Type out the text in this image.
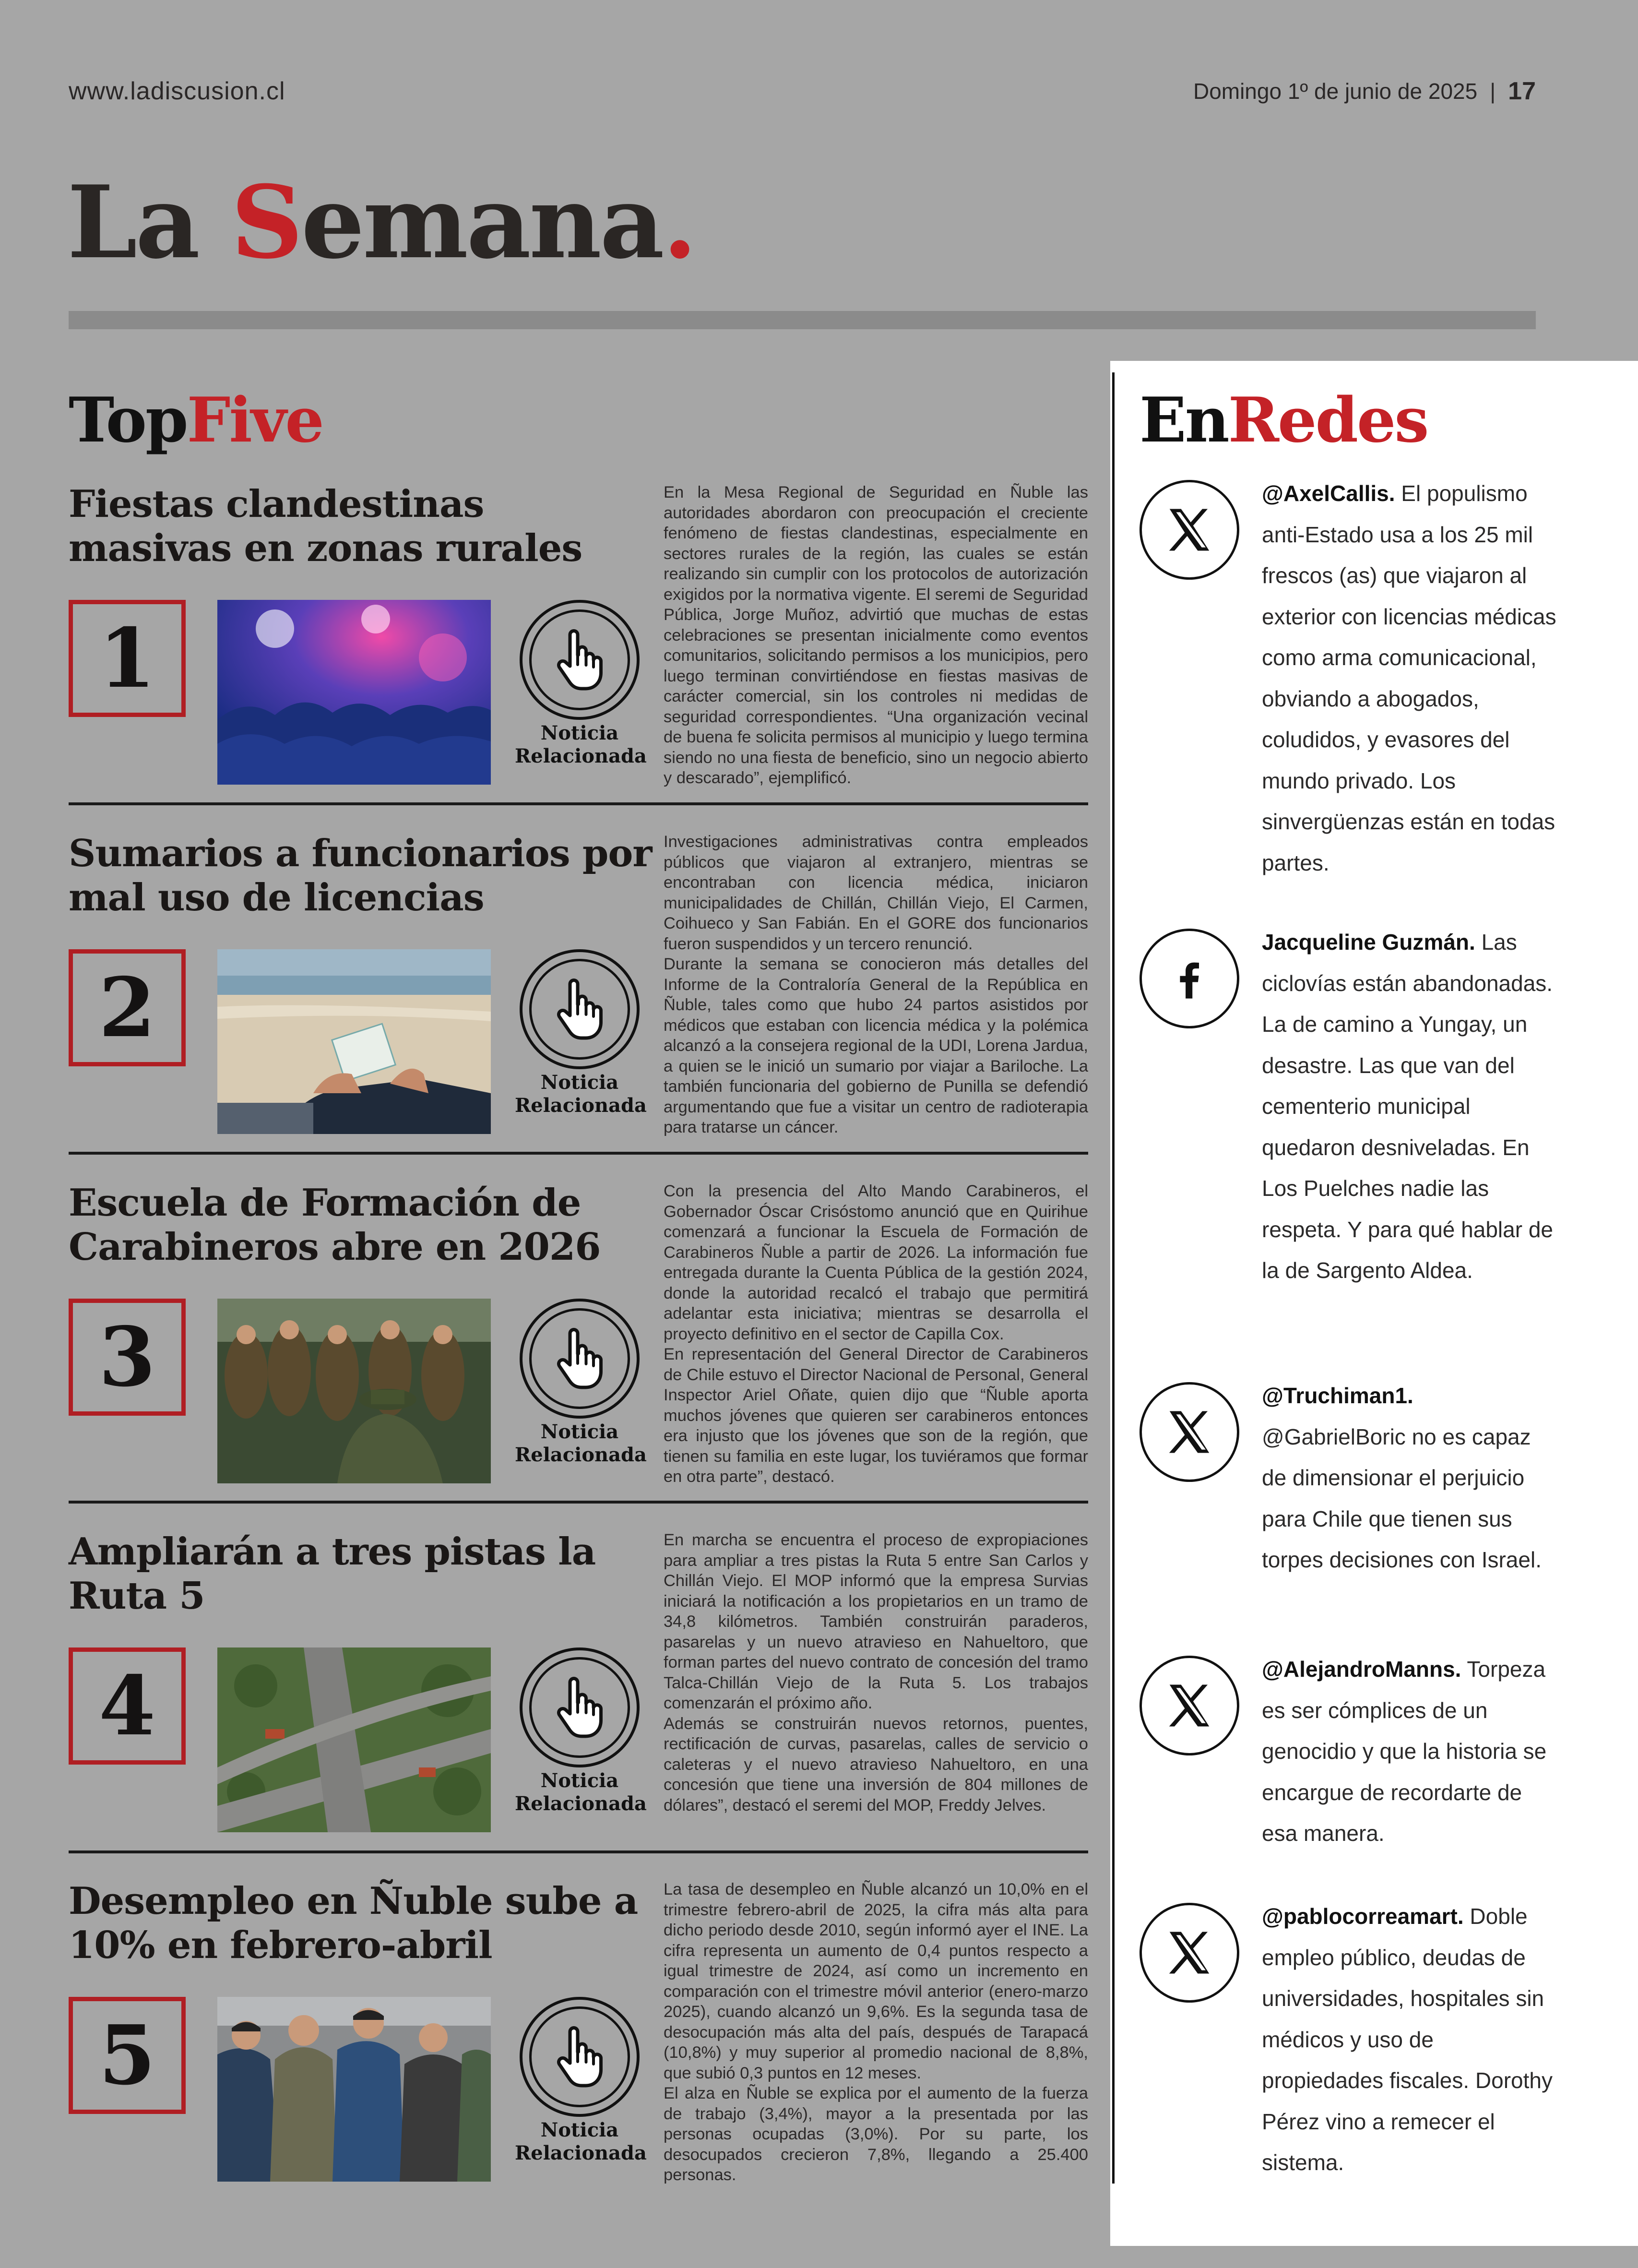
www.ladiscusion.cl	Domingo 1º de junio de 2025 | 17
La Semana.
TopFive
Fiestas clandestinas masivas en zonas rurales
1
Noticia
Relacionada

En la Mesa Regional de Seguridad en Ñuble las autoridades abordaron con preocupación el creciente fenómeno de fiestas clandestinas, especialmente en sectores rurales de la región, las cuales se están realizando sin cumplir con los protocolos de autorización exigidos por la normativa vigente. El seremi de Seguridad Pública, Jorge Muñoz, advirtió que muchas de estas celebraciones se presentan inicialmente como eventos comunitarios, solicitando permisos a los municipios, pero luego terminan convirtiéndose en fiestas masivas de carácter comercial, sin los controles ni medidas de seguridad correspondientes. “Una organización vecinal de buena fe solicita permisos al municipio y luego termina siendo no una fiesta de beneficio, sino un negocio abierto y descarado”, ejemplificó.

Sumarios a funcionarios por mal uso de licencias
2
Noticia
Relacionada

Investigaciones administrativas contra empleados públicos que viajaron al extranjero, mientras se encontraban con licencia médica, iniciaron municipalidades de Chillán, Chillán Viejo, El Carmen, Coihueco y San Fabián. En el GORE dos funcionarios fueron suspendidos y un tercero renunció.

Durante la semana se conocieron más detalles del Informe de la Contraloría General de la República en Ñuble, tales como que hubo 24 partos asistidos por médicos que estaban con licencia médica y la polémica alcanzó a la consejera regional de la UDI, Lorena Jardua, a quien se le inició un sumario por viajar a Bariloche. La también funcionaria del gobierno de Punilla se defendió argumentando que fue a visitar un centro de radioterapia para tratarse un cáncer.

Escuela de Formación de Carabineros abre en 2026
3
Noticia
Relacionada

Con la presencia del Alto Mando Carabineros, el Gobernador Óscar Crisóstomo anunció que en Quirihue comenzará a funcionar la Escuela de Formación de Carabineros Ñuble a partir de 2026. La información fue entregada durante la Cuenta Pública de la gestión 2024, donde la autoridad recalcó el trabajo que permitirá adelantar esta iniciativa; mientras se desarrolla el proyecto definitivo en el sector de Capilla Cox.

En representación del General Director de Carabineros de Chile estuvo el Director Nacional de Personal, General Inspector Ariel Oñate, quien dijo que “Ñuble aporta muchos jóvenes que quieren ser carabineros entonces era injusto que los jóvenes que son de la región, que tienen su familia en este lugar, los tuviéramos que formar en otra parte”, destacó.

Ampliarán a tres pistas la Ruta 5
4
Noticia
Relacionada

En marcha se encuentra el proceso de expropiaciones para ampliar a tres pistas la Ruta 5 entre San Carlos y Chillán Viejo. El MOP informó que la empresa Survias iniciará la notificación a los propietarios en un tramo de 34,8 kilómetros. También construirán paraderos, pasarelas y un nuevo atravieso en Nahueltoro, que forman partes del nuevo contrato de concesión del tramo Talca-Chillán Viejo de la Ruta 5. Los trabajos comenzarán el próximo año.

Además se construirán nuevos retornos, puentes, rectificación de curvas, pasarelas, calles de servicio o caleteras y el nuevo atravieso Nahueltoro, en una concesión que tiene una inversión de 804 millones de dólares”, destacó el seremi del MOP, Freddy Jelves.

Desempleo en Ñuble sube a 10% en febrero-abril
5
Noticia
Relacionada

La tasa de desempleo en Ñuble alcanzó un 10,0% en el trimestre febrero-abril de 2025, la cifra más alta para dicho periodo desde 2010, según informó ayer el INE. La cifra representa un aumento de 0,4 puntos respecto a igual trimestre de 2024, así como un incremento en comparación con el trimestre móvil anterior (enero-marzo 2025), cuando alcanzó un 9,6%. Es la segunda tasa de desocupación más alta del país, después de Tarapacá (10,8%) y muy superior al promedio nacional de 8,8%, que subió 0,3 puntos en 12 meses.

El alza en Ñuble se explica por el aumento de la fuerza de trabajo (3,4%), mayor a la presentada por las personas ocupadas (3,0%). Por su parte, los desocupados crecieron 7,8%, llegando a 25.400 personas.

EnRedes
@AxelCallis. El populismo anti-Estado usa a los 25 mil frescos (as) que viajaron al exterior con licencias médicas como arma comunicacional, obviando a abogados, coludidos, y evasores del mundo privado. Los sinvergüenzas están en todas partes.
Jacqueline Guzmán. Las ciclovías están abandonadas. La de camino a Yungay, un desastre. Las que van del cementerio municipal quedaron desniveladas. En Los Puelches nadie las respeta. Y para qué hablar de la de Sargento Aldea.
@Truchiman1. @GabrielBoric no es capaz de dimensionar el perjuicio para Chile que tienen sus torpes decisiones con Israel.
@AlejandroManns. Torpeza es ser cómplices de un genocidio y que la historia se encargue de recordarte de esa manera.
@pablocorreamart. Doble empleo público, deudas de universidades, hospitales sin médicos y uso de propiedades fiscales. Dorothy Pérez vino a remecer el sistema.
